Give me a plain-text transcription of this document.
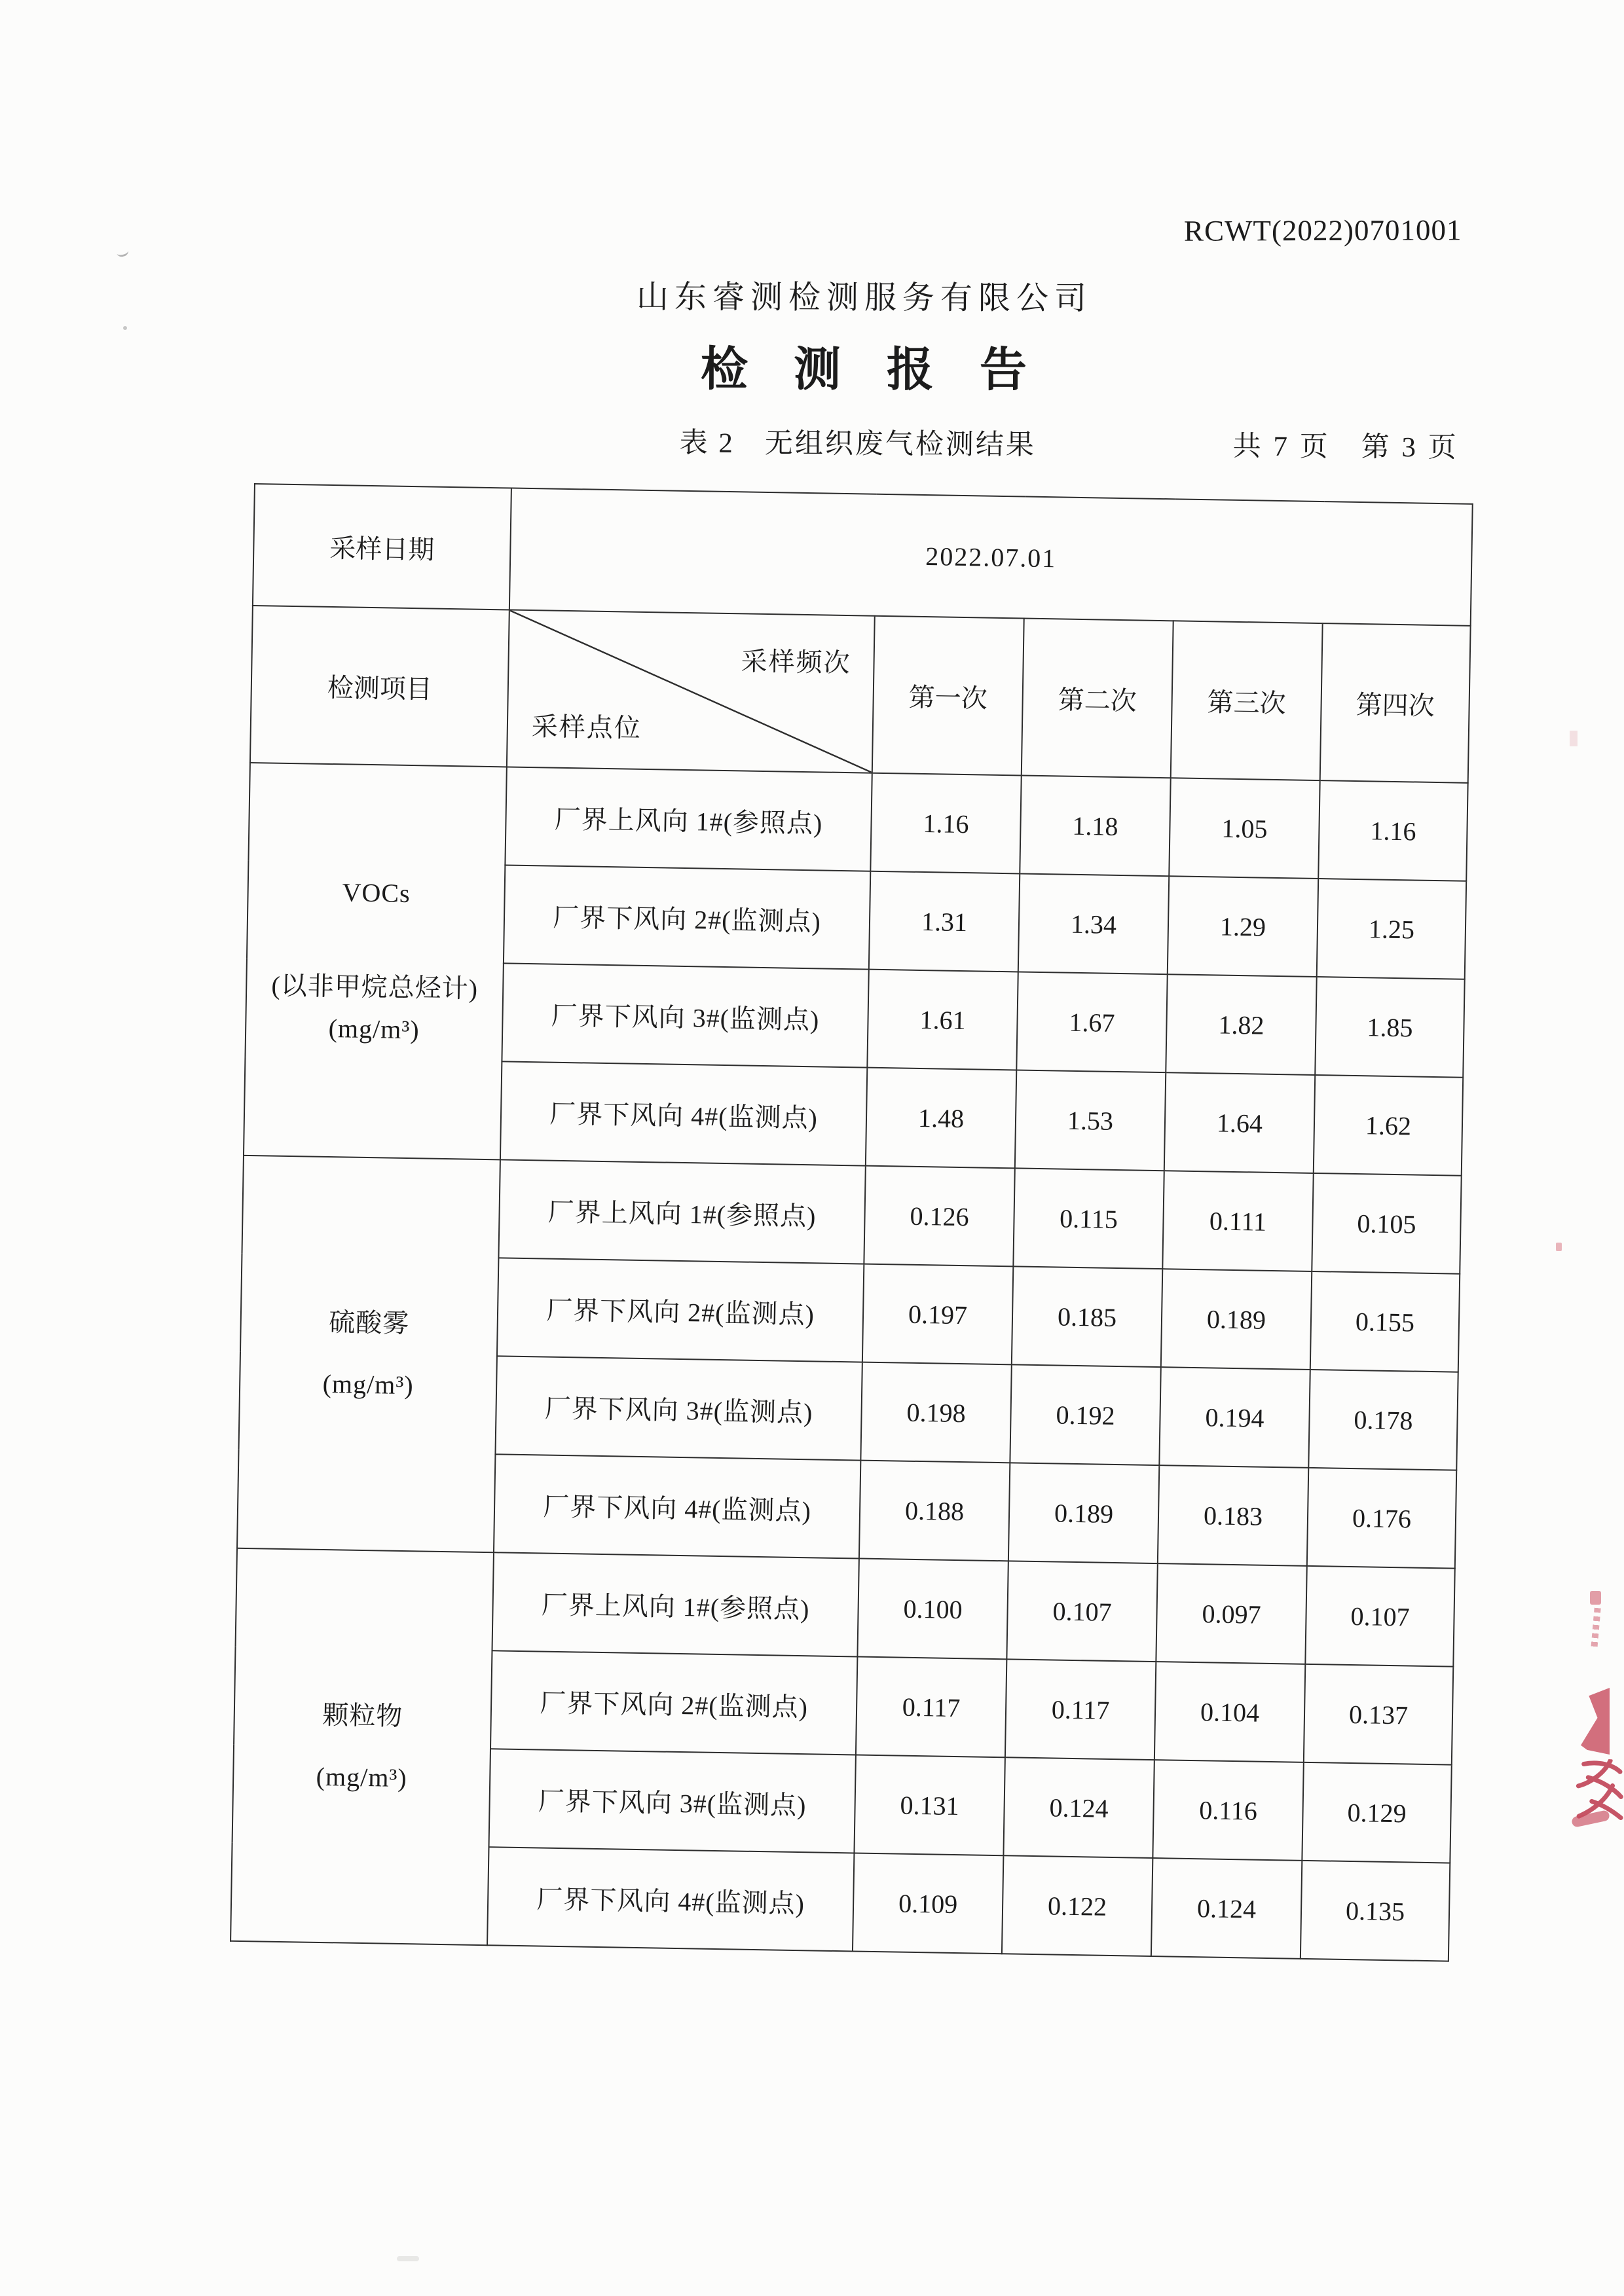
RCWT(2022)0701001
山东睿测检测服务有限公司
检 测 报 告
表 2　无组织废气检测结果	共 7 页　第 3 页
采样日期	2022.07.01				
检测项目	采样频次
采样点位	第一次	第二次	第三次	第四次

VOCs
(以非甲烷总烃计)
(mg/m³)	厂界上风向 1#(参照点)	1.16	1.18	1.05	1.16
	厂界下风向 2#(监测点)	1.31	1.34	1.29	1.25
	厂界下风向 3#(监测点)	1.61	1.67	1.82	1.85
	厂界下风向 4#(监测点)	1.48	1.53	1.64	1.62

硫酸雾
(mg/m³)	厂界上风向 1#(参照点)	0.126	0.115	0.111	0.105
	厂界下风向 2#(监测点)	0.197	0.185	0.189	0.155
	厂界下风向 3#(监测点)	0.198	0.192	0.194	0.178
	厂界下风向 4#(监测点)	0.188	0.189	0.183	0.176

颗粒物
(mg/m³)	厂界上风向 1#(参照点)	0.100	0.107	0.097	0.107
	厂界下风向 2#(监测点)	0.117	0.117	0.104	0.137
	厂界下风向 3#(监测点)	0.131	0.124	0.116	0.129
	厂界下风向 4#(监测点)	0.109	0.122	0.124	0.135
